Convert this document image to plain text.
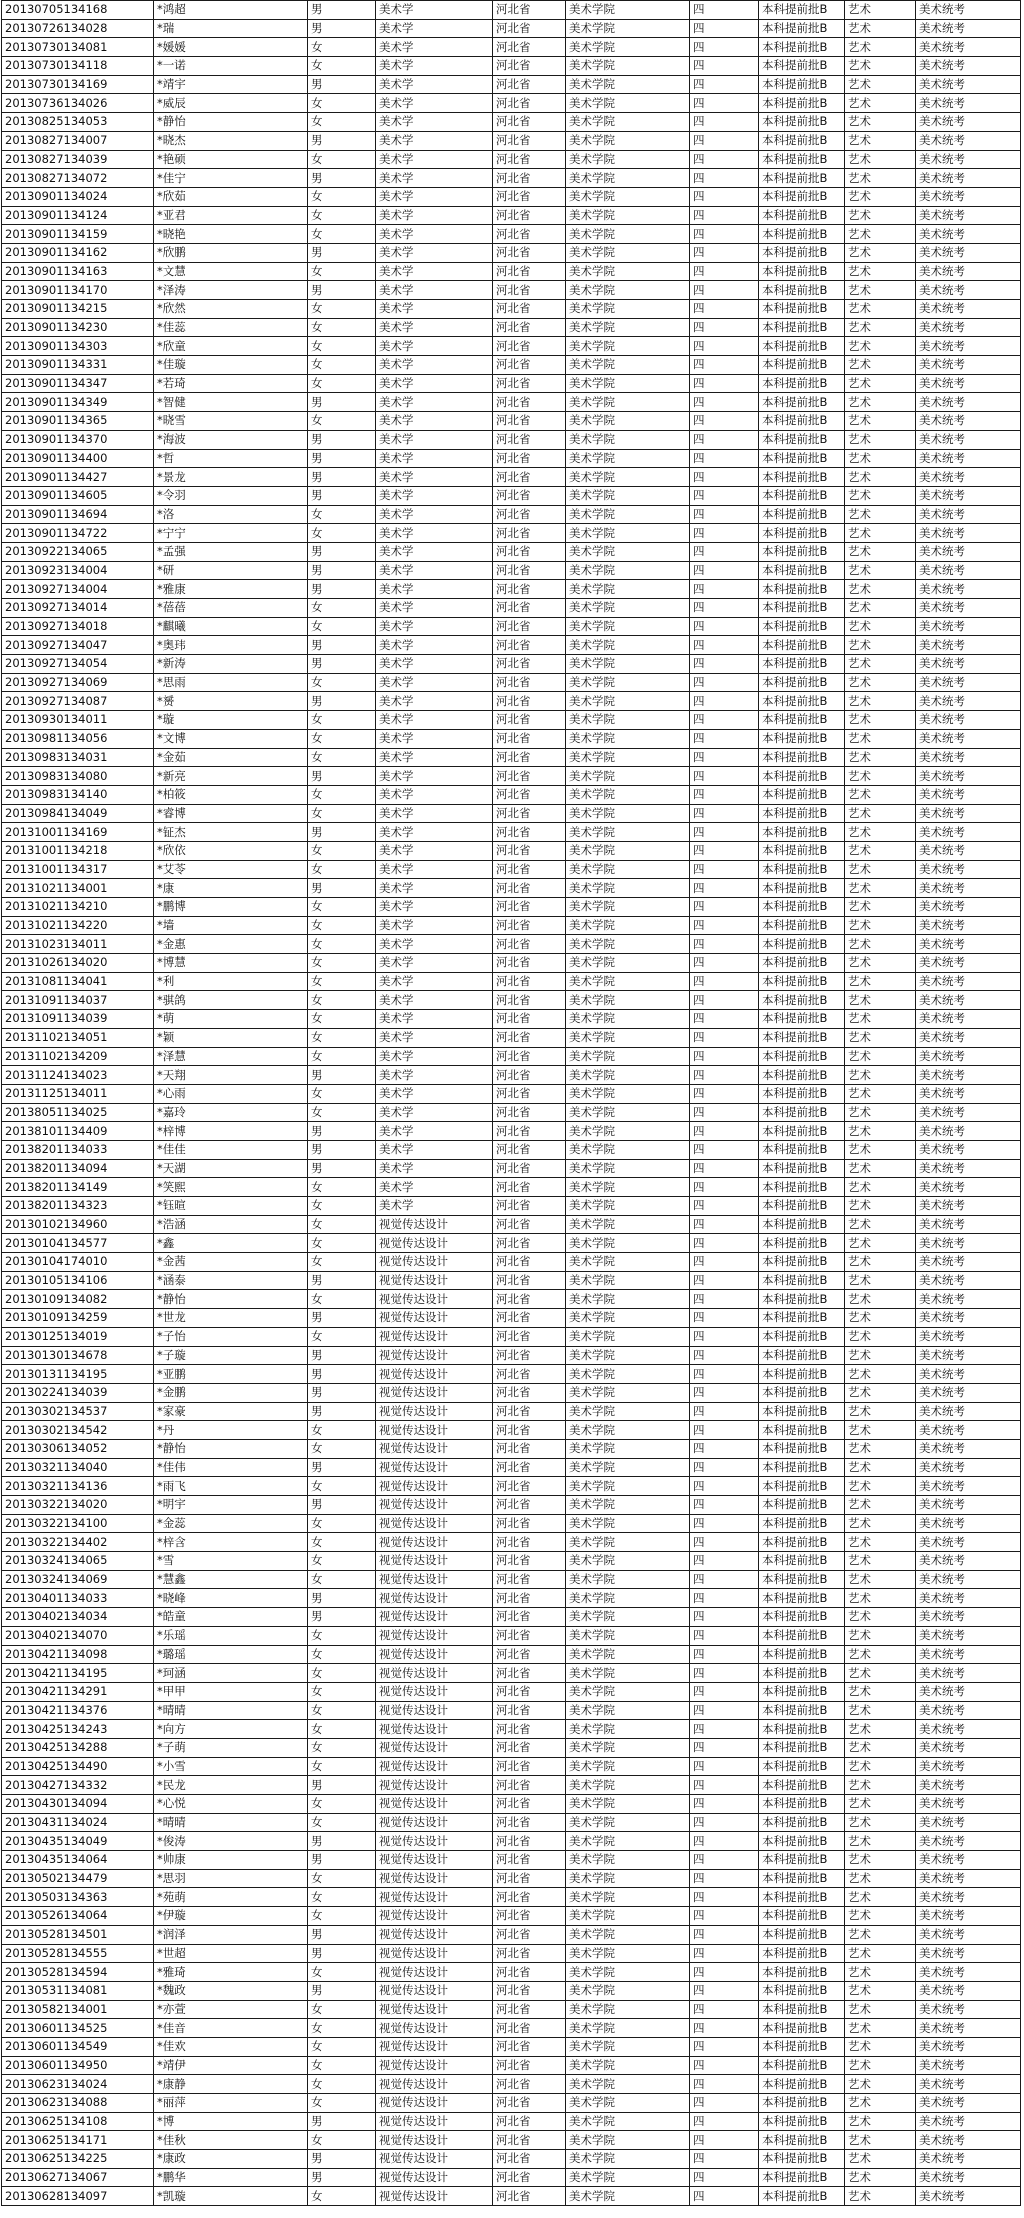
20130705134168	*鸿超	男	美术学	河北省	美术学院	四	本科提前批B	艺术	美术统考
20130726134028	*瑞	男	美术学	河北省	美术学院	四	本科提前批B	艺术	美术统考
20130730134081	*媛媛	女	美术学	河北省	美术学院	四	本科提前批B	艺术	美术统考
20130730134118	*一诺	女	美术学	河北省	美术学院	四	本科提前批B	艺术	美术统考
20130730134169	*靖宇	男	美术学	河北省	美术学院	四	本科提前批B	艺术	美术统考
20130736134026	*威辰	女	美术学	河北省	美术学院	四	本科提前批B	艺术	美术统考
20130825134053	*静怡	女	美术学	河北省	美术学院	四	本科提前批B	艺术	美术统考
20130827134007	*晓杰	男	美术学	河北省	美术学院	四	本科提前批B	艺术	美术统考
20130827134039	*艳硕	女	美术学	河北省	美术学院	四	本科提前批B	艺术	美术统考
20130827134072	*佳宁	男	美术学	河北省	美术学院	四	本科提前批B	艺术	美术统考
20130901134024	*欣茹	女	美术学	河北省	美术学院	四	本科提前批B	艺术	美术统考
20130901134124	*亚君	女	美术学	河北省	美术学院	四	本科提前批B	艺术	美术统考
20130901134159	*晓艳	女	美术学	河北省	美术学院	四	本科提前批B	艺术	美术统考
20130901134162	*欣鹏	男	美术学	河北省	美术学院	四	本科提前批B	艺术	美术统考
20130901134163	*文慧	女	美术学	河北省	美术学院	四	本科提前批B	艺术	美术统考
20130901134170	*泽涛	男	美术学	河北省	美术学院	四	本科提前批B	艺术	美术统考
20130901134215	*欣然	女	美术学	河北省	美术学院	四	本科提前批B	艺术	美术统考
20130901134230	*佳蕊	女	美术学	河北省	美术学院	四	本科提前批B	艺术	美术统考
20130901134303	*欣童	女	美术学	河北省	美术学院	四	本科提前批B	艺术	美术统考
20130901134331	*佳璇	女	美术学	河北省	美术学院	四	本科提前批B	艺术	美术统考
20130901134347	*若琦	女	美术学	河北省	美术学院	四	本科提前批B	艺术	美术统考
20130901134349	*智健	男	美术学	河北省	美术学院	四	本科提前批B	艺术	美术统考
20130901134365	*晓雪	女	美术学	河北省	美术学院	四	本科提前批B	艺术	美术统考
20130901134370	*海波	男	美术学	河北省	美术学院	四	本科提前批B	艺术	美术统考
20130901134400	*哲	男	美术学	河北省	美术学院	四	本科提前批B	艺术	美术统考
20130901134427	*景龙	男	美术学	河北省	美术学院	四	本科提前批B	艺术	美术统考
20130901134605	*令羽	男	美术学	河北省	美术学院	四	本科提前批B	艺术	美术统考
20130901134694	*洛	女	美术学	河北省	美术学院	四	本科提前批B	艺术	美术统考
20130901134722	*宁宁	女	美术学	河北省	美术学院	四	本科提前批B	艺术	美术统考
20130922134065	*孟强	男	美术学	河北省	美术学院	四	本科提前批B	艺术	美术统考
20130923134004	*研	男	美术学	河北省	美术学院	四	本科提前批B	艺术	美术统考
20130927134004	*雅康	男	美术学	河北省	美术学院	四	本科提前批B	艺术	美术统考
20130927134014	*蓓蓓	女	美术学	河北省	美术学院	四	本科提前批B	艺术	美术统考
20130927134018	*麒曦	女	美术学	河北省	美术学院	四	本科提前批B	艺术	美术统考
20130927134047	*奥玮	男	美术学	河北省	美术学院	四	本科提前批B	艺术	美术统考
20130927134054	*新涛	男	美术学	河北省	美术学院	四	本科提前批B	艺术	美术统考
20130927134069	*思雨	女	美术学	河北省	美术学院	四	本科提前批B	艺术	美术统考
20130927134087	*赟	男	美术学	河北省	美术学院	四	本科提前批B	艺术	美术统考
20130930134011	*璇	女	美术学	河北省	美术学院	四	本科提前批B	艺术	美术统考
20130981134056	*文博	女	美术学	河北省	美术学院	四	本科提前批B	艺术	美术统考
20130983134031	*金茹	女	美术学	河北省	美术学院	四	本科提前批B	艺术	美术统考
20130983134080	*新亮	男	美术学	河北省	美术学院	四	本科提前批B	艺术	美术统考
20130983134140	*柏筱	女	美术学	河北省	美术学院	四	本科提前批B	艺术	美术统考
20130984134049	*睿博	女	美术学	河北省	美术学院	四	本科提前批B	艺术	美术统考
20131001134169	*钲杰	男	美术学	河北省	美术学院	四	本科提前批B	艺术	美术统考
20131001134218	*欣依	女	美术学	河北省	美术学院	四	本科提前批B	艺术	美术统考
20131001134317	*艾苓	女	美术学	河北省	美术学院	四	本科提前批B	艺术	美术统考
20131021134001	*康	男	美术学	河北省	美术学院	四	本科提前批B	艺术	美术统考
20131021134210	*鹏博	女	美术学	河北省	美术学院	四	本科提前批B	艺术	美术统考
20131021134220	*墙	女	美术学	河北省	美术学院	四	本科提前批B	艺术	美术统考
20131023134011	*金惠	女	美术学	河北省	美术学院	四	本科提前批B	艺术	美术统考
20131026134020	*博慧	女	美术学	河北省	美术学院	四	本科提前批B	艺术	美术统考
20131081134041	*利	女	美术学	河北省	美术学院	四	本科提前批B	艺术	美术统考
20131091134037	*骐鸽	女	美术学	河北省	美术学院	四	本科提前批B	艺术	美术统考
20131091134039	*萌	女	美术学	河北省	美术学院	四	本科提前批B	艺术	美术统考
20131102134051	*颖	女	美术学	河北省	美术学院	四	本科提前批B	艺术	美术统考
20131102134209	*泽慧	女	美术学	河北省	美术学院	四	本科提前批B	艺术	美术统考
20131124134023	*天翔	男	美术学	河北省	美术学院	四	本科提前批B	艺术	美术统考
20131125134011	*心雨	女	美术学	河北省	美术学院	四	本科提前批B	艺术	美术统考
20138051134025	*嘉玲	女	美术学	河北省	美术学院	四	本科提前批B	艺术	美术统考
20138101134409	*梓博	男	美术学	河北省	美术学院	四	本科提前批B	艺术	美术统考
20138201134033	*佳佳	男	美术学	河北省	美术学院	四	本科提前批B	艺术	美术统考
20138201134094	*天湖	男	美术学	河北省	美术学院	四	本科提前批B	艺术	美术统考
20138201134149	*笑熙	女	美术学	河北省	美术学院	四	本科提前批B	艺术	美术统考
20138201134323	*钰暄	女	美术学	河北省	美术学院	四	本科提前批B	艺术	美术统考
20130102134960	*浩涵	女	视觉传达设计	河北省	美术学院	四	本科提前批B	艺术	美术统考
20130104134577	*鑫	女	视觉传达设计	河北省	美术学院	四	本科提前批B	艺术	美术统考
20130104174010	*金茜	女	视觉传达设计	河北省	美术学院	四	本科提前批B	艺术	美术统考
20130105134106	*涵泰	男	视觉传达设计	河北省	美术学院	四	本科提前批B	艺术	美术统考
20130109134082	*静怡	女	视觉传达设计	河北省	美术学院	四	本科提前批B	艺术	美术统考
20130109134259	*世龙	男	视觉传达设计	河北省	美术学院	四	本科提前批B	艺术	美术统考
20130125134019	*子怡	女	视觉传达设计	河北省	美术学院	四	本科提前批B	艺术	美术统考
20130130134678	*子璇	男	视觉传达设计	河北省	美术学院	四	本科提前批B	艺术	美术统考
20130131134195	*亚鹏	男	视觉传达设计	河北省	美术学院	四	本科提前批B	艺术	美术统考
20130224134039	*金鹏	男	视觉传达设计	河北省	美术学院	四	本科提前批B	艺术	美术统考
20130302134537	*家豪	男	视觉传达设计	河北省	美术学院	四	本科提前批B	艺术	美术统考
20130302134542	*丹	女	视觉传达设计	河北省	美术学院	四	本科提前批B	艺术	美术统考
20130306134052	*静怡	女	视觉传达设计	河北省	美术学院	四	本科提前批B	艺术	美术统考
20130321134040	*佳伟	男	视觉传达设计	河北省	美术学院	四	本科提前批B	艺术	美术统考
20130321134136	*雨飞	女	视觉传达设计	河北省	美术学院	四	本科提前批B	艺术	美术统考
20130322134020	*明宇	男	视觉传达设计	河北省	美术学院	四	本科提前批B	艺术	美术统考
20130322134100	*金蕊	女	视觉传达设计	河北省	美术学院	四	本科提前批B	艺术	美术统考
20130322134402	*梓含	女	视觉传达设计	河北省	美术学院	四	本科提前批B	艺术	美术统考
20130324134065	*雪	女	视觉传达设计	河北省	美术学院	四	本科提前批B	艺术	美术统考
20130324134069	*慧鑫	女	视觉传达设计	河北省	美术学院	四	本科提前批B	艺术	美术统考
20130401134033	*晓峰	男	视觉传达设计	河北省	美术学院	四	本科提前批B	艺术	美术统考
20130402134034	*皓童	男	视觉传达设计	河北省	美术学院	四	本科提前批B	艺术	美术统考
20130402134070	*乐瑶	女	视觉传达设计	河北省	美术学院	四	本科提前批B	艺术	美术统考
20130421134098	*璐瑶	女	视觉传达设计	河北省	美术学院	四	本科提前批B	艺术	美术统考
20130421134195	*珂涵	女	视觉传达设计	河北省	美术学院	四	本科提前批B	艺术	美术统考
20130421134291	*甲甲	女	视觉传达设计	河北省	美术学院	四	本科提前批B	艺术	美术统考
20130421134376	*晴晴	女	视觉传达设计	河北省	美术学院	四	本科提前批B	艺术	美术统考
20130425134243	*向方	女	视觉传达设计	河北省	美术学院	四	本科提前批B	艺术	美术统考
20130425134288	*子萌	女	视觉传达设计	河北省	美术学院	四	本科提前批B	艺术	美术统考
20130425134490	*小雪	女	视觉传达设计	河北省	美术学院	四	本科提前批B	艺术	美术统考
20130427134332	*民龙	男	视觉传达设计	河北省	美术学院	四	本科提前批B	艺术	美术统考
20130430134094	*心悦	女	视觉传达设计	河北省	美术学院	四	本科提前批B	艺术	美术统考
20130431134024	*晴晴	女	视觉传达设计	河北省	美术学院	四	本科提前批B	艺术	美术统考
20130435134049	*俊涛	男	视觉传达设计	河北省	美术学院	四	本科提前批B	艺术	美术统考
20130435134064	*帅康	男	视觉传达设计	河北省	美术学院	四	本科提前批B	艺术	美术统考
20130502134479	*思羽	女	视觉传达设计	河北省	美术学院	四	本科提前批B	艺术	美术统考
20130503134363	*苑萌	女	视觉传达设计	河北省	美术学院	四	本科提前批B	艺术	美术统考
20130526134064	*伊璇	女	视觉传达设计	河北省	美术学院	四	本科提前批B	艺术	美术统考
20130528134501	*润泽	男	视觉传达设计	河北省	美术学院	四	本科提前批B	艺术	美术统考
20130528134555	*世超	男	视觉传达设计	河北省	美术学院	四	本科提前批B	艺术	美术统考
20130528134594	*雅琦	女	视觉传达设计	河北省	美术学院	四	本科提前批B	艺术	美术统考
20130531134081	*魏政	男	视觉传达设计	河北省	美术学院	四	本科提前批B	艺术	美术统考
20130582134001	*亦萱	女	视觉传达设计	河北省	美术学院	四	本科提前批B	艺术	美术统考
20130601134525	*佳音	女	视觉传达设计	河北省	美术学院	四	本科提前批B	艺术	美术统考
20130601134549	*佳欢	女	视觉传达设计	河北省	美术学院	四	本科提前批B	艺术	美术统考
20130601134950	*靖伊	女	视觉传达设计	河北省	美术学院	四	本科提前批B	艺术	美术统考
20130623134024	*康静	女	视觉传达设计	河北省	美术学院	四	本科提前批B	艺术	美术统考
20130623134088	*丽萍	女	视觉传达设计	河北省	美术学院	四	本科提前批B	艺术	美术统考
20130625134108	*博	男	视觉传达设计	河北省	美术学院	四	本科提前批B	艺术	美术统考
20130625134171	*佳秋	女	视觉传达设计	河北省	美术学院	四	本科提前批B	艺术	美术统考
20130625134225	*康政	男	视觉传达设计	河北省	美术学院	四	本科提前批B	艺术	美术统考
20130627134067	*鹏华	男	视觉传达设计	河北省	美术学院	四	本科提前批B	艺术	美术统考
20130628134097	*凯璇	女	视觉传达设计	河北省	美术学院	四	本科提前批B	艺术	美术统考
